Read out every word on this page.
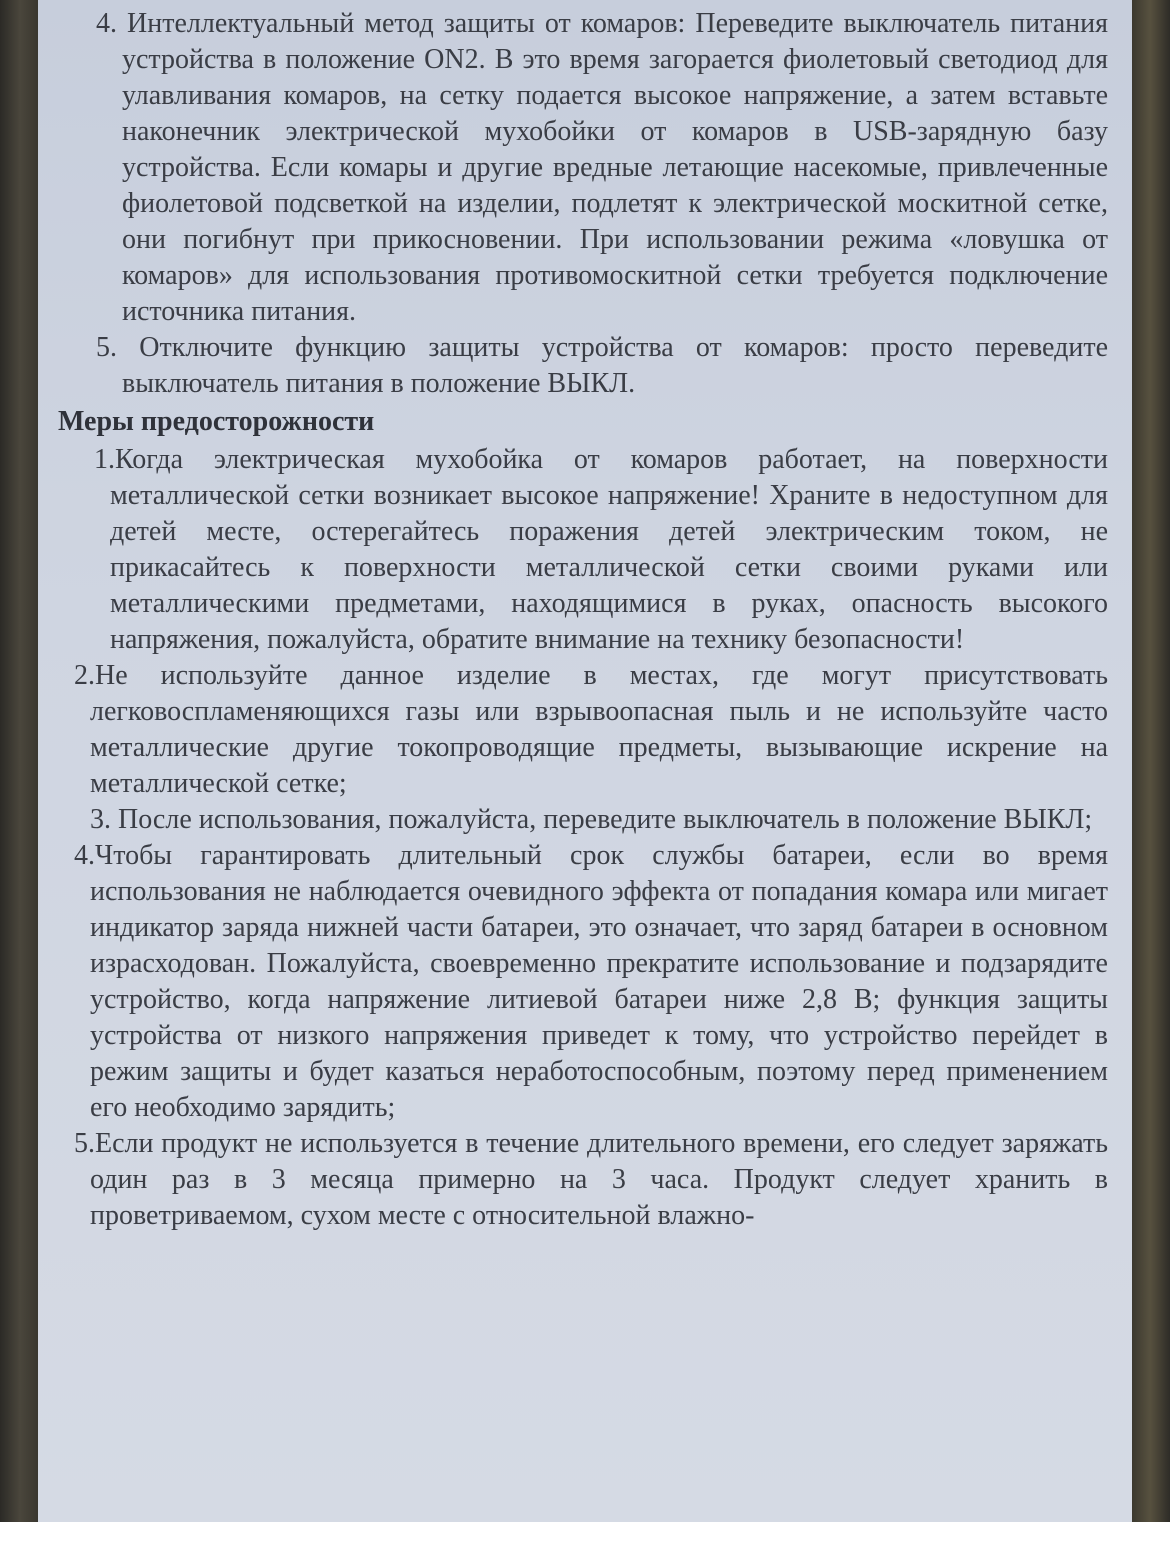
4. Интеллектуальный метод защиты от комаров: Переведите выключатель питания устройства в положение ON2. В это время загорается фиолетовый светодиод для улавливания комаров, на сетку подается высокое напряжение, а затем вставьте наконечник электрической мухобойки от комаров в USB-зарядную базу устройства. Если комары и другие вредные летающие насекомые, привлеченные фиолетовой подсветкой на изделии, подлетят к электрической москитной сетке, они погибнут при прикосновении. При использовании режима «ловушка от комаров» для использования противомоскитной сетки требуется подключение источника питания.

5. Отключите функцию защиты устройства от комаров: просто переведите выключатель питания в положение ВЫКЛ.

Меры предосторожности

1.Когда электрическая мухобойка от комаров работает, на поверхности металлической сетки возникает высокое напряжение! Храните в недоступном для детей месте, остерегайтесь поражения детей электрическим током, не прикасайтесь к поверхности металлической сетки своими руками или металлическими предметами, находящимися в руках, опасность высокого напряжения, пожалуйста, обратите внимание на технику безопасности!

2.Не используйте данное изделие в местах, где могут присутствовать легковоспламеняющихся газы или взрывоопасная пыль и не используйте часто металлические другие токопроводящие предметы, вызывающие искрение на металлической сетке;

3. После использования, пожалуйста, переведите выключатель в положение ВЫКЛ;

4.Чтобы гарантировать длительный срок службы батареи, если во время использования не наблюдается очевидного эффекта от попадания комара или мигает индикатор заряда нижней части батареи, это означает, что заряд батареи в основном израсходован. Пожалуйста, своевременно прекратите использование и подзарядите устройство, когда напряжение литиевой батареи ниже 2,8 В; функция защиты устройства от низкого напряжения приведет к тому, что устройство перейдет в режим защиты и будет казаться неработоспособным, поэтому перед применением его необходимо зарядить;

5.Если продукт не используется в течение длительного времени, его следует заряжать один раз в 3 месяца примерно на 3 часа. Продукт следует хранить в проветриваемом, сухом месте с относительной влажно-
